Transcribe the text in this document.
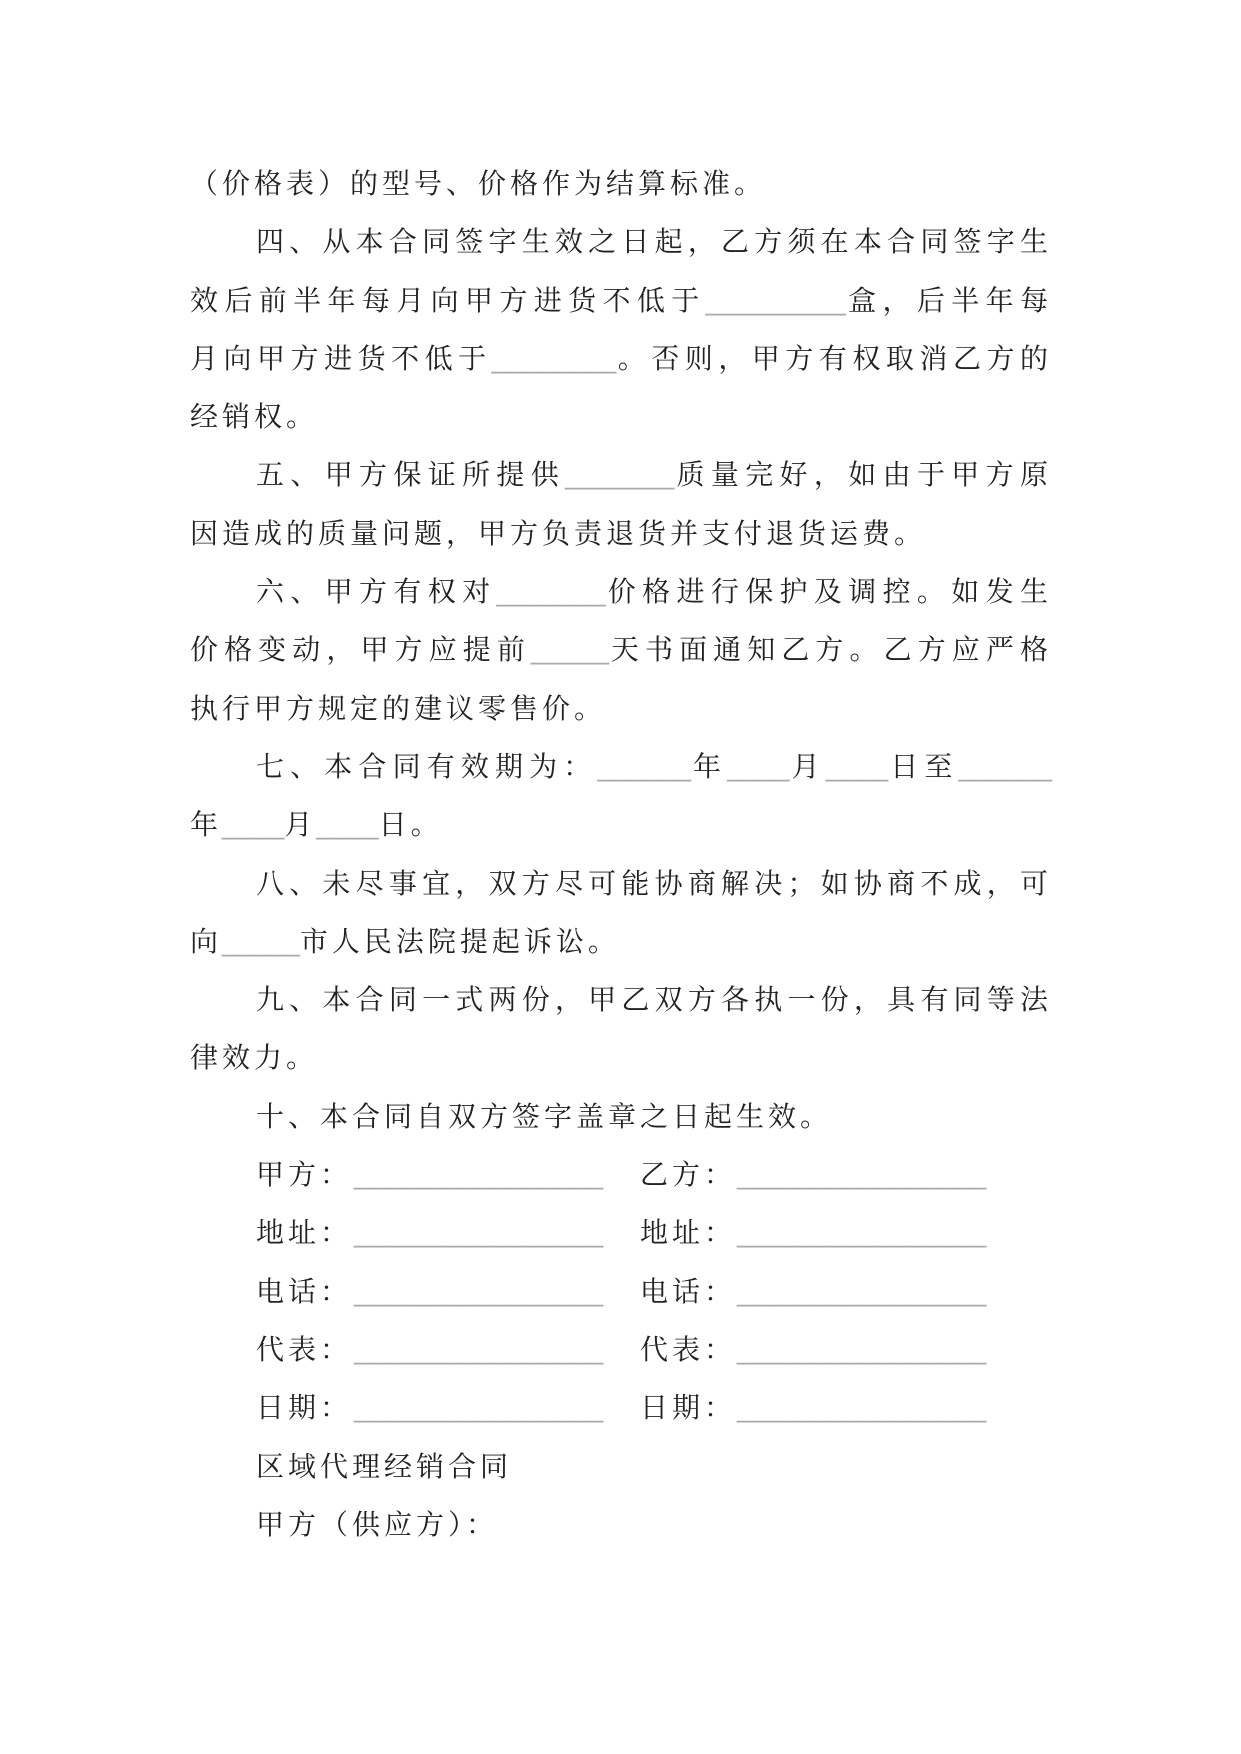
（价格表）的型号、价格作为结算标准。
四、从本合同签字生效之日起，乙方须在本合同签字生
效后前半年每月向甲方进货不低于_________盒，后半年每
月向甲方进货不低于________。否则，甲方有权取消乙方的
经销权。
五、甲方保证所提供_______质量完好，如由于甲方原
因造成的质量问题，甲方负责退货并支付退货运费。
六、甲方有权对_______价格进行保护及调控。如发生
价格变动，甲方应提前_____天书面通知乙方。乙方应严格
执行甲方规定的建议零售价。
七、本合同有效期为：______年____月____日至______
年____月____日。
八、未尽事宜，双方尽可能协商解决；如协商不成，可
向_____市人民法院提起诉讼。
九、本合同一式两份，甲乙双方各执一份，具有同等法
律效力。
十、本合同自双方签字盖章之日起生效。
甲方： ________________ 乙方： ________________
地址： ________________ 地址： ________________
电话： ________________ 电话： ________________
代表： ________________ 代表： ________________
日期： ________________ 日期： ________________
区域代理经销合同
甲方（供应方）：
